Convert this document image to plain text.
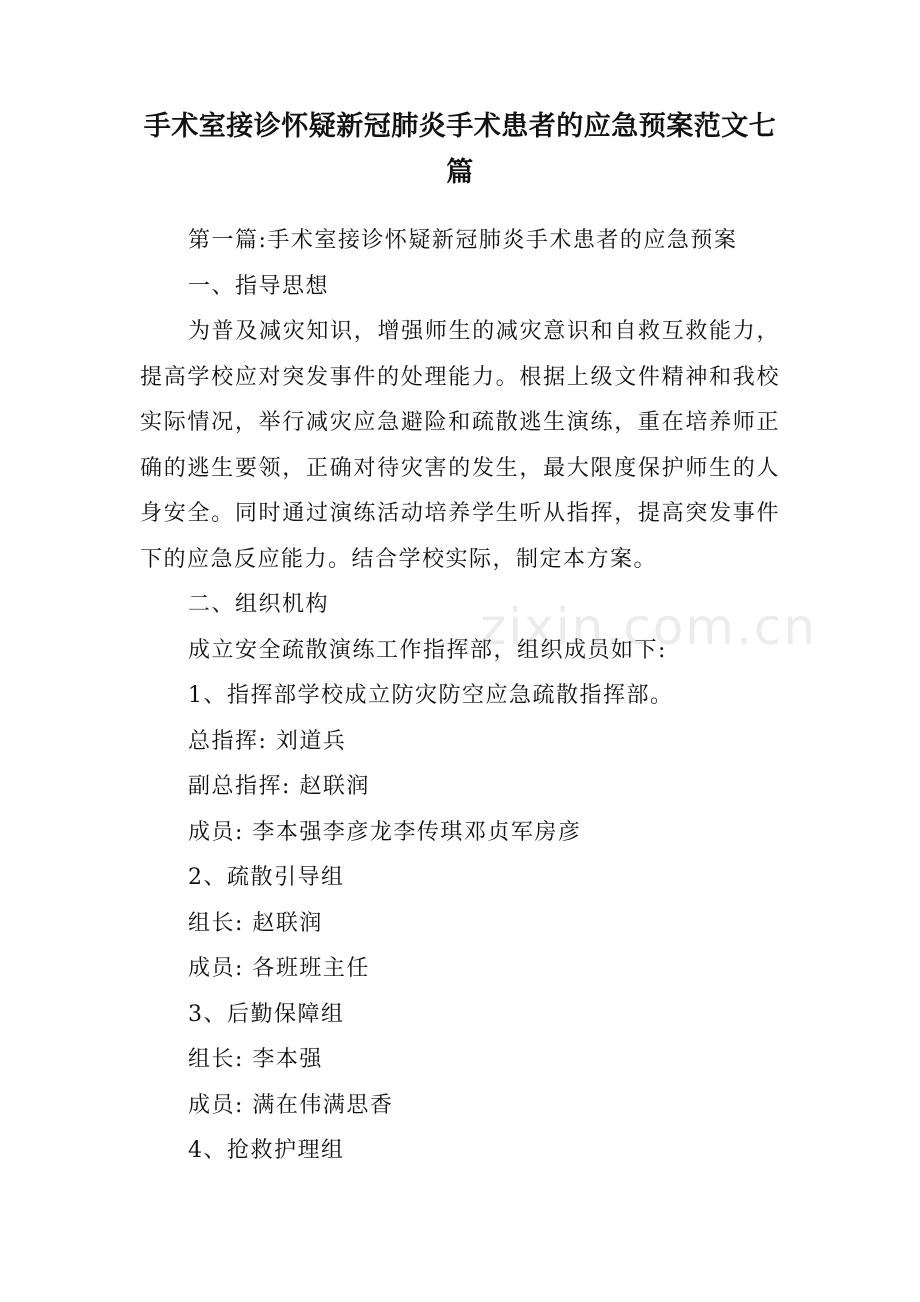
手术室接诊怀疑新冠肺炎手术患者的应急预案范文七篇

第一篇:手术室接诊怀疑新冠肺炎手术患者的应急预案

一、指导思想

为普及减灾知识，增强师生的减灾意识和自救互救能力，提高学校应对突发事件的处理能力。根据上级文件精神和我校实际情况，举行减灾应急避险和疏散逃生演练，重在培养师正确的逃生要领，正确对待灾害的发生，最大限度保护师生的人身安全。同时通过演练活动培养学生听从指挥，提高突发事件下的应急反应能力。结合学校实际，制定本方案。

二、组织机构

成立安全疏散演练工作指挥部，组织成员如下:

1、指挥部学校成立防灾防空应急疏散指挥部。

总指挥: 刘道兵

副总指挥: 赵联润

成员: 李本强李彦龙李传琪邓贞军房彦

2、疏散引导组

组长: 赵联润

成员: 各班班主任

3、后勤保障组

组长: 李本强

成员: 满在伟满思香

4、抢救护理组

zixin.com.cn
